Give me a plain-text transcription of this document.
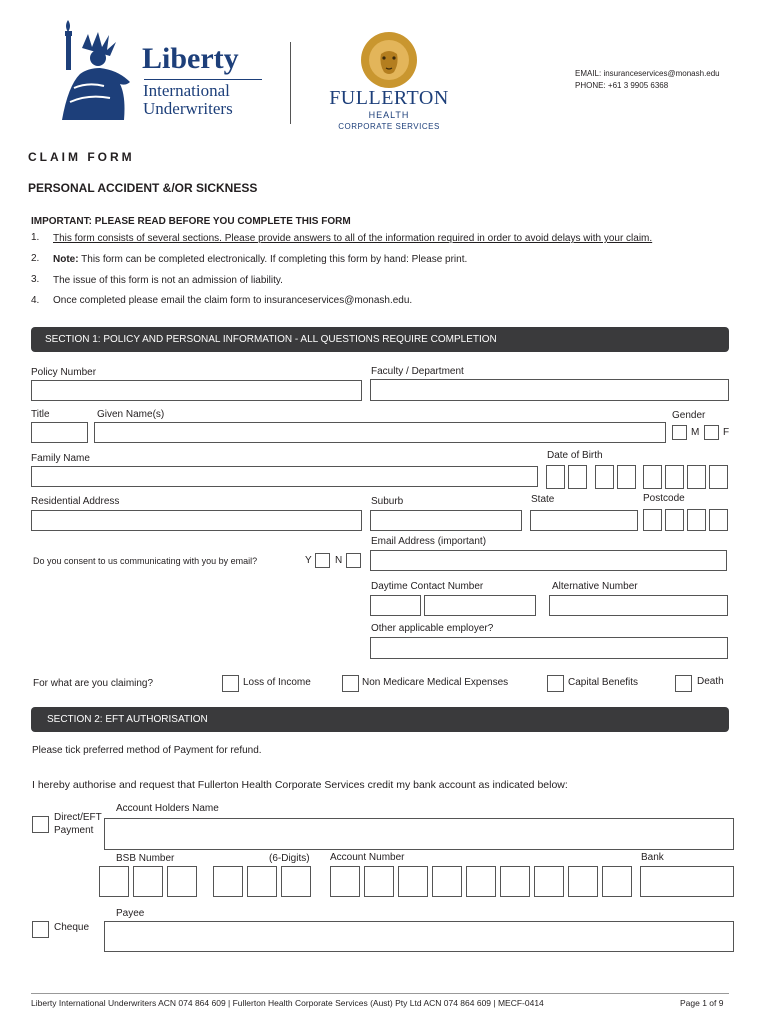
Liberty
International
Underwriters	FULLERTON
HEALTH
CORPORATE SERVICES
EMAIL: insuranceservices@monash.edu
PHONE: +61 3 9905 6368
CLAIM FORM
PERSONAL ACCIDENT &/OR SICKNESS
IMPORTANT: PLEASE READ BEFORE YOU COMPLETE THIS FORM
1. This form consists of several sections. Please provide answers to all of the information required in order to avoid delays with your claim.
2. Note: This form can be completed electronically. If completing this form by hand: Please print.
3. The issue of this form is not an admission of liability.
4. Once completed please email the claim form to insuranceservices@monash.edu.
SECTION 1: POLICY AND PERSONAL INFORMATION - ALL QUESTIONS REQUIRE COMPLETION
Policy Number	Faculty / Department
Title	Given Name(s)	Gender
M F
Family Name	Date of Birth
Residential Address	Suburb	State	Postcode
Email Address (important)
Do you consent to us communicating with you by email?	Y N
Daytime Contact Number	Alternative Number
Other applicable employer?
For what are you claiming?	Loss of Income	Non Medicare Medical Expenses	Capital Benefits	Death
SECTION 2: EFT AUTHORISATION
Please tick preferred method of Payment for refund.
I hereby authorise and request that Fullerton Health Corporate Services credit my bank account as indicated below:
Direct/EFT
Payment
Account Holders Name
BSB Number	(6-Digits) Account Number	Bank
Payee
Cheque
Liberty International Underwriters ACN 074 864 609 | Fullerton Health Corporate Services (Aust) Pty Ltd ACN 074 864 609 | MECF-0414	Page 1 of 9
